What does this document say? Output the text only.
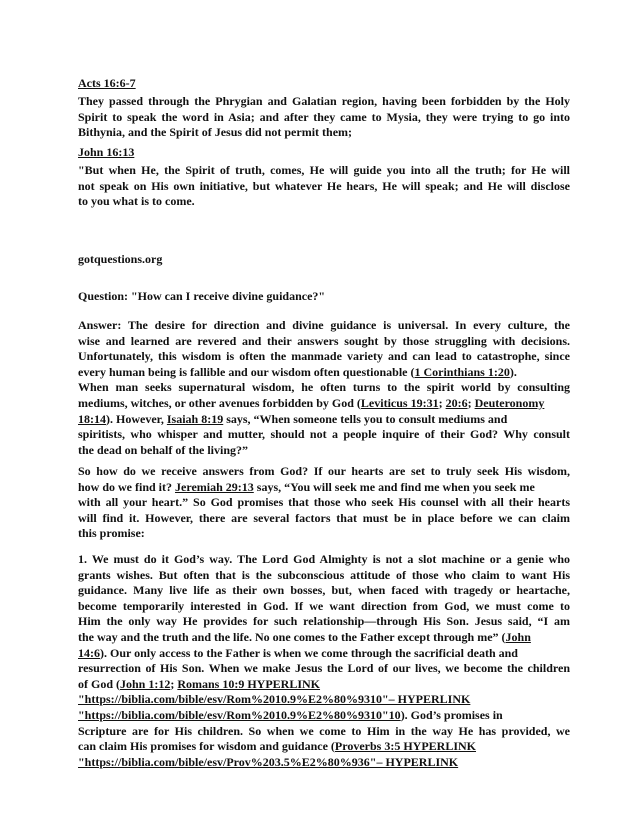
Acts 16:6-7
They passed through the Phrygian and Galatian region, having been forbidden by the Holy
Spirit to speak the word in Asia; and after they came to Mysia, they were trying to go into
Bithynia, and the Spirit of Jesus did not permit them;
John 16:13
"But when He, the Spirit of truth, comes, He will guide you into all the truth; for He will
not speak on His own initiative, but whatever He hears, He will speak; and He will disclose
to you what is to come.
gotquestions.org
Question: "How can I receive divine guidance?"
Answer: The desire for direction and divine guidance is universal. In every culture, the
wise and learned are revered and their answers sought by those struggling with decisions.
Unfortunately, this wisdom is often the manmade variety and can lead to catastrophe, since
every human being is fallible and our wisdom often questionable (1 Corinthians 1:20).
When man seeks supernatural wisdom, he often turns to the spirit world by consulting
mediums, witches, or other avenues forbidden by God (Leviticus 19:31; 20:6; Deuteronomy
18:14). However, Isaiah 8:19 says, “When someone tells you to consult mediums and
spiritists, who whisper and mutter, should not a people inquire of their God? Why consult
the dead on behalf of the living?”
So how do we receive answers from God? If our hearts are set to truly seek His wisdom,
how do we find it? Jeremiah 29:13 says, “You will seek me and find me when you seek me
with all your heart.” So God promises that those who seek His counsel with all their hearts
will find it. However, there are several factors that must be in place before we can claim
this promise:
1. We must do it God’s way. The Lord God Almighty is not a slot machine or a genie who
grants wishes. But often that is the subconscious attitude of those who claim to want His
guidance. Many live life as their own bosses, but, when faced with tragedy or heartache,
become temporarily interested in God. If we want direction from God, we must come to
Him the only way He provides for such relationship—through His Son. Jesus said, “I am
the way and the truth and the life. No one comes to the Father except through me” (John
14:6). Our only access to the Father is when we come through the sacrificial death and
resurrection of His Son. When we make Jesus the Lord of our lives, we become the children
of God (John 1:12; Romans 10:9 HYPERLINK
"https://biblia.com/bible/esv/Rom%2010.9%E2%80%9310"– HYPERLINK
"https://biblia.com/bible/esv/Rom%2010.9%E2%80%9310"10). God’s promises in
Scripture are for His children. So when we come to Him in the way He has provided, we
can claim His promises for wisdom and guidance (Proverbs 3:5 HYPERLINK
"https://biblia.com/bible/esv/Prov%203.5%E2%80%936"– HYPERLINK
